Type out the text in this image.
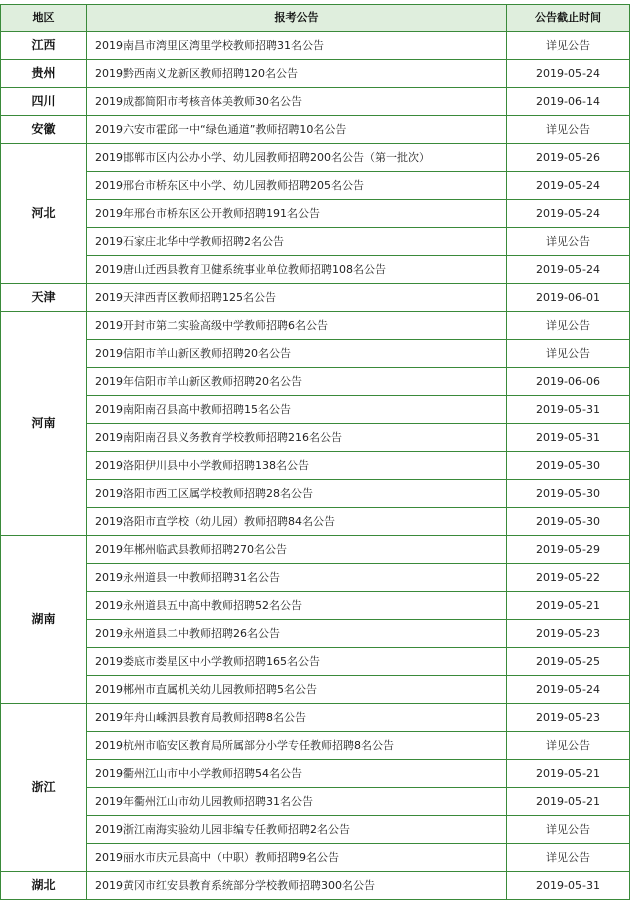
地区	报考公告	公告截止时间
江西	2019南昌市湾里区湾里学校教师招聘31名公告	详见公告
贵州	2019黔西南义龙新区教师招聘120名公告	2019-05-24
四川	2019成都简阳市考核音体美教师30名公告	2019-06-14
安徽	2019六安市霍邱一中“绿色通道”教师招聘10名公告	详见公告
河北	2019邯郸市区内公办小学、幼儿园教师招聘200名公告（第一批次）	2019-05-26
	2019邢台市桥东区中小学、幼儿园教师招聘205名公告	2019-05-24
	2019年邢台市桥东区公开教师招聘191名公告	2019-05-24
	2019石家庄北华中学教师招聘2名公告	详见公告
	2019唐山迁西县教育卫健系统事业单位教师招聘108名公告	2019-05-24
天津	2019天津西青区教师招聘125名公告	2019-06-01
河南	2019开封市第二实验高级中学教师招聘6名公告	详见公告
	2019信阳市羊山新区教师招聘20名公告	详见公告
	2019年信阳市羊山新区教师招聘20名公告	2019-06-06
	2019南阳南召县高中教师招聘15名公告	2019-05-31
	2019南阳南召县义务教育学校教师招聘216名公告	2019-05-31
	2019洛阳伊川县中小学教师招聘138名公告	2019-05-30
	2019洛阳市西工区属学校教师招聘28名公告	2019-05-30
	2019洛阳市直学校（幼儿园）教师招聘84名公告	2019-05-30
湖南	2019年郴州临武县教师招聘270名公告	2019-05-29
	2019永州道县一中教师招聘31名公告	2019-05-22
	2019永州道县五中高中教师招聘52名公告	2019-05-21
	2019永州道县二中教师招聘26名公告	2019-05-23
	2019娄底市娄星区中小学教师招聘165名公告	2019-05-25
	2019郴州市直属机关幼儿园教师招聘5名公告	2019-05-24
浙江	2019年舟山嵊泗县教育局教师招聘8名公告	2019-05-23
	2019杭州市临安区教育局所属部分小学专任教师招聘8名公告	详见公告
	2019衢州江山市中小学教师招聘54名公告	2019-05-21
	2019年衢州江山市幼儿园教师招聘31名公告	2019-05-21
	2019浙江南海实验幼儿园非编专任教师招聘2名公告	详见公告
	2019丽水市庆元县高中（中职）教师招聘9名公告	详见公告
湖北	2019黄冈市红安县教育系统部分学校教师招聘300名公告	2019-05-31
